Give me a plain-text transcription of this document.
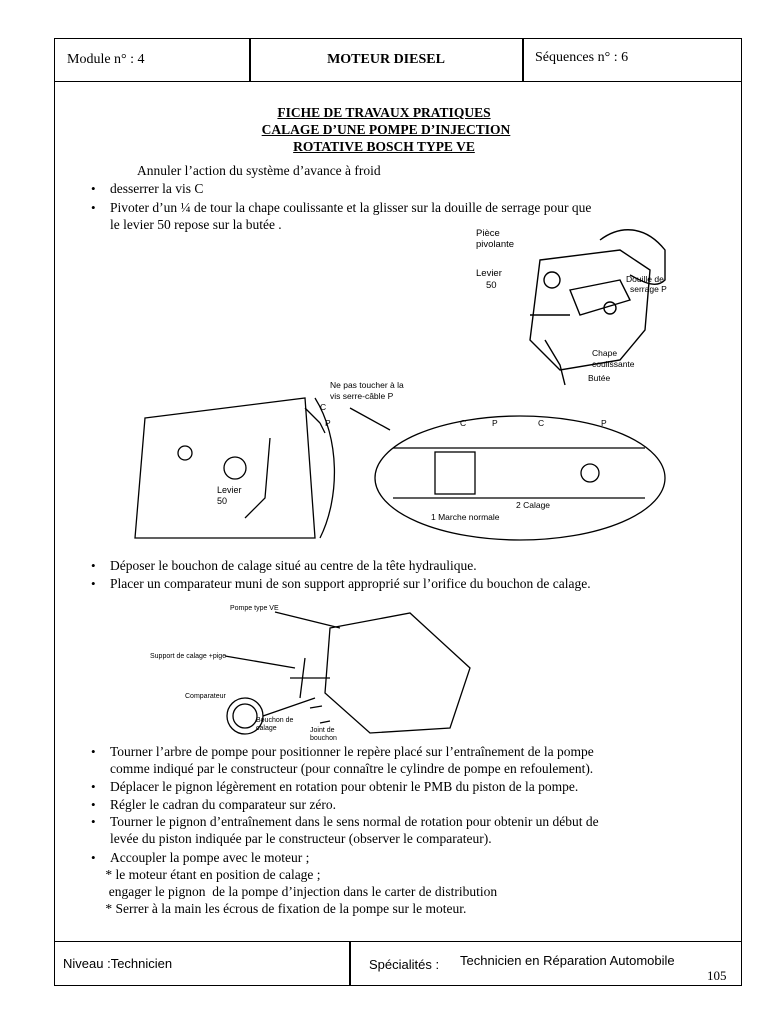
Module n° : 4	MOTEUR DIESEL	Séquences n° : 6
Niveau :Technicien	Spécialités : Technicien en Réparation Automobile
105
FICHE DE TRAVAUX PRATIQUES
CALAGE D’UNE POMPE D’INJECTION
ROTATIVE BOSCH TYPE VE
Annuler l’action du système d’avance à froid
• desserrer la vis C
• Pivoter d’un ¼ de tour la chape coulissante et la glisser sur la douille de serrage pour que
le levier 50 repose sur la butée .
Pièce
pivolante
Levier
50
Douille de
serrage P
Chape
coulissante
Butée
Ne pas toucher à la
vis serre-câble P
C
P	C	P	C	P
Levier
50
1 Marche normale
2 Calage
• Déposer le bouchon de calage situé au centre de la tête hydraulique.
• Placer un comparateur muni de son support approprié sur l’orifice du bouchon de calage.
Pompe type VE
Support de calage +pige
Comparateur
Bouchon de
calage	Joint de
bouchon
• Tourner l’arbre de pompe pour positionner le repère placé sur l’entraînement de la pompe
comme indiqué par le constructeur (pour connaître le cylindre de pompe en refoulement).
• Déplacer le pignon légèrement en rotation pour obtenir le PMB du piston de la pompe.
• Régler le cadran du comparateur sur zéro.
• Tourner le pignon d’entraînement dans le sens normal de rotation pour obtenir un début de
levée du piston indiquée par le constructeur (observer le comparateur).
• Accoupler la pompe avec le moteur ;
* le moteur étant en position de calage ;
engager le pignon  de la pompe d’injection dans le carter de distribution
* Serrer à la main les écrous de fixation de la pompe sur le moteur.
